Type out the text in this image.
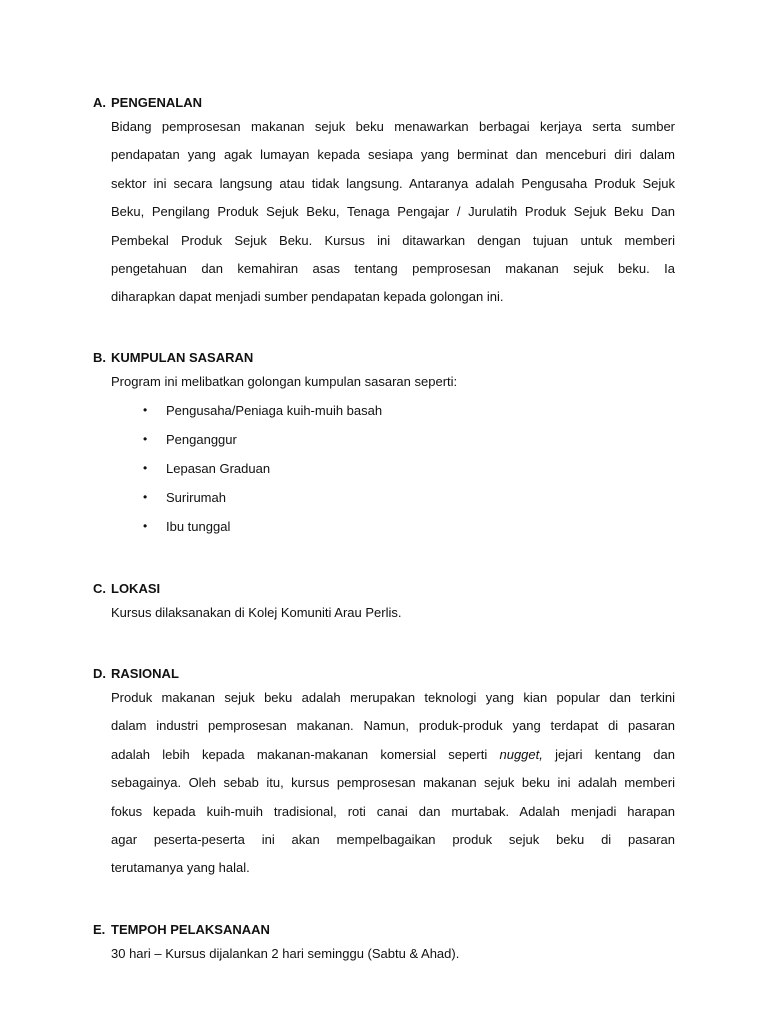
A. PENGENALAN
Bidang pemprosesan makanan sejuk beku menawarkan berbagai kerjaya serta sumber
pendapatan yang agak lumayan kepada sesiapa yang berminat dan menceburi diri dalam
sektor ini secara langsung atau tidak langsung. Antaranya adalah Pengusaha Produk Sejuk
Beku, Pengilang Produk Sejuk Beku, Tenaga Pengajar / Jurulatih Produk Sejuk Beku Dan
Pembekal Produk Sejuk Beku. Kursus ini ditawarkan dengan tujuan untuk memberi
pengetahuan dan kemahiran asas tentang pemprosesan makanan sejuk beku. Ia
diharapkan dapat menjadi sumber pendapatan kepada golongan ini.
B. KUMPULAN SASARAN
Program ini melibatkan golongan kumpulan sasaran seperti:
• Pengusaha/Peniaga kuih-muih basah
• Penganggur
• Lepasan Graduan
• Surirumah
• Ibu tunggal
C. LOKASI
Kursus dilaksanakan di Kolej Komuniti Arau Perlis.
D. RASIONAL
Produk makanan sejuk beku adalah merupakan teknologi yang kian popular dan terkini
dalam industri pemprosesan makanan. Namun, produk-produk yang terdapat di pasaran
adalah lebih kepada makanan-makanan komersial seperti nugget, jejari kentang dan
sebagainya. Oleh sebab itu, kursus pemprosesan makanan sejuk beku ini adalah memberi
fokus kepada kuih-muih tradisional, roti canai dan murtabak. Adalah menjadi harapan
agar peserta-peserta ini akan mempelbagaikan produk sejuk beku di pasaran
terutamanya yang halal.
E. TEMPOH PELAKSANAAN
30 hari – Kursus dijalankan 2 hari seminggu (Sabtu & Ahad).
